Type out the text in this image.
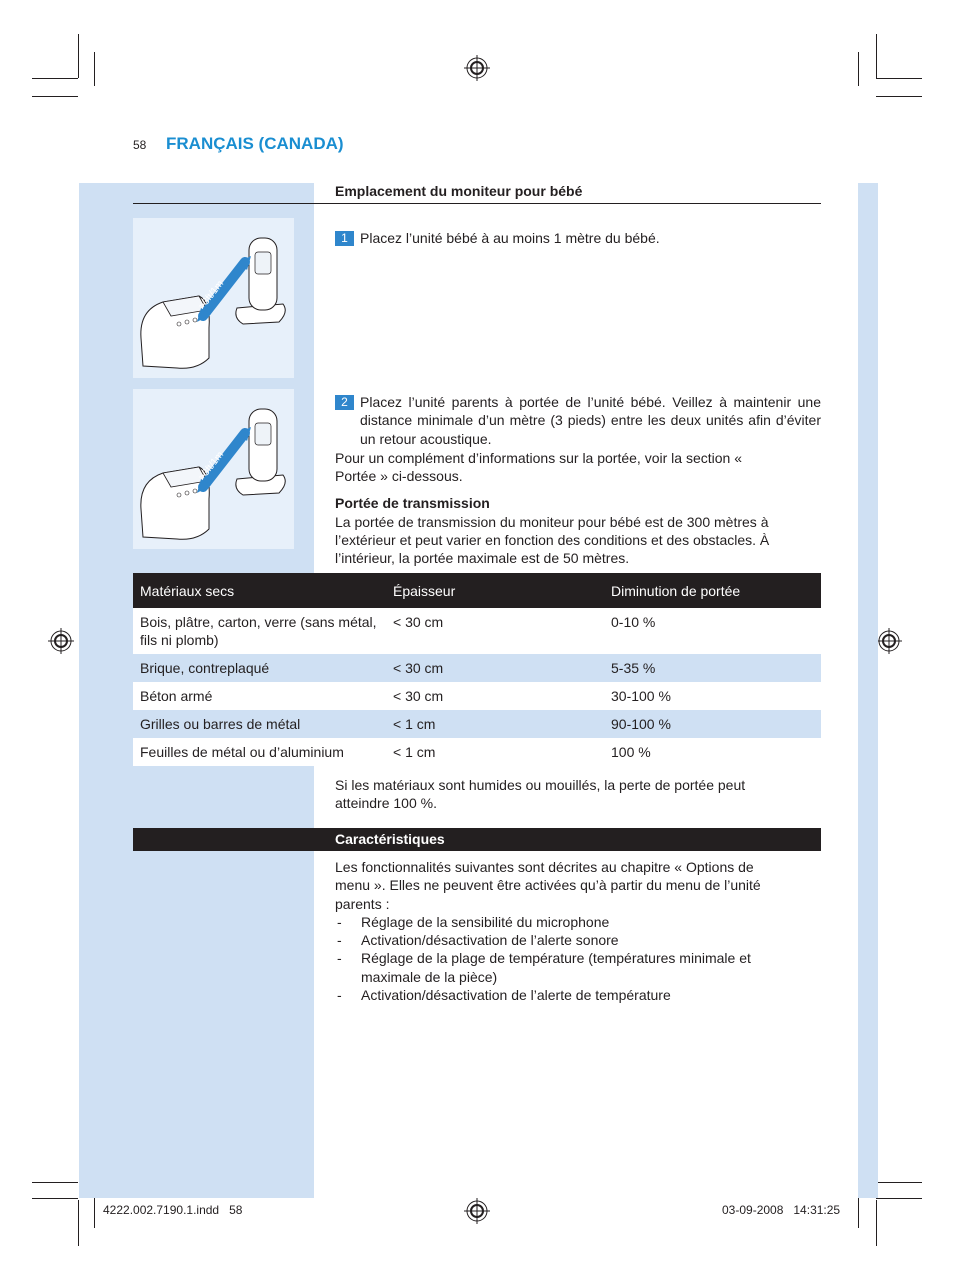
58 FRANÇAIS (CANADA)
Emplacement du moniteur pour bébé
>3ft/1m
1 Placez l’unité bébé à au moins 1 mètre du bébé.
>3ft/1m
2 Placez l’unité parents à portée de l’unité bébé. Veillez à maintenir une distance minimale d’un mètre (3 pieds) entre les deux unités afin d’éviter un retour acoustique.
Pour un complément d’informations sur la portée, voir la section « Portée » ci-dessous.
Portée de transmission
La portée de transmission du moniteur pour bébé est de 300 mètres à l’extérieur et peut varier en fonction des conditions et des obstacles. À l’intérieur, la portée maximale est de 50 mètres.
Matériaux secs	Épaisseur	Diminution de portée
Bois, plâtre, carton, verre (sans métal, fils ni plomb)	< 30 cm	0-10 %
Brique, contreplaqué	< 30 cm	5-35 %
Béton armé	< 30 cm	30-100 %
Grilles ou barres de métal	< 1 cm	90-100 %
Feuilles de métal ou d’aluminium	< 1 cm	100 %
Si les matériaux sont humides ou mouillés, la perte de portée peut atteindre 100 %.
Caractéristiques
Les fonctionnalités suivantes sont décrites au chapitre « Options de menu ». Elles ne peuvent être activées qu’à partir du menu de l’unité parents :
- Réglage de la sensibilité du microphone
- Activation/désactivation de l’alerte sonore
- Réglage de la plage de température (températures minimale et maximale de la pièce)
- Activation/désactivation de l’alerte de température
4222.002.7190.1.indd   58	03-09-2008   14:31:25
